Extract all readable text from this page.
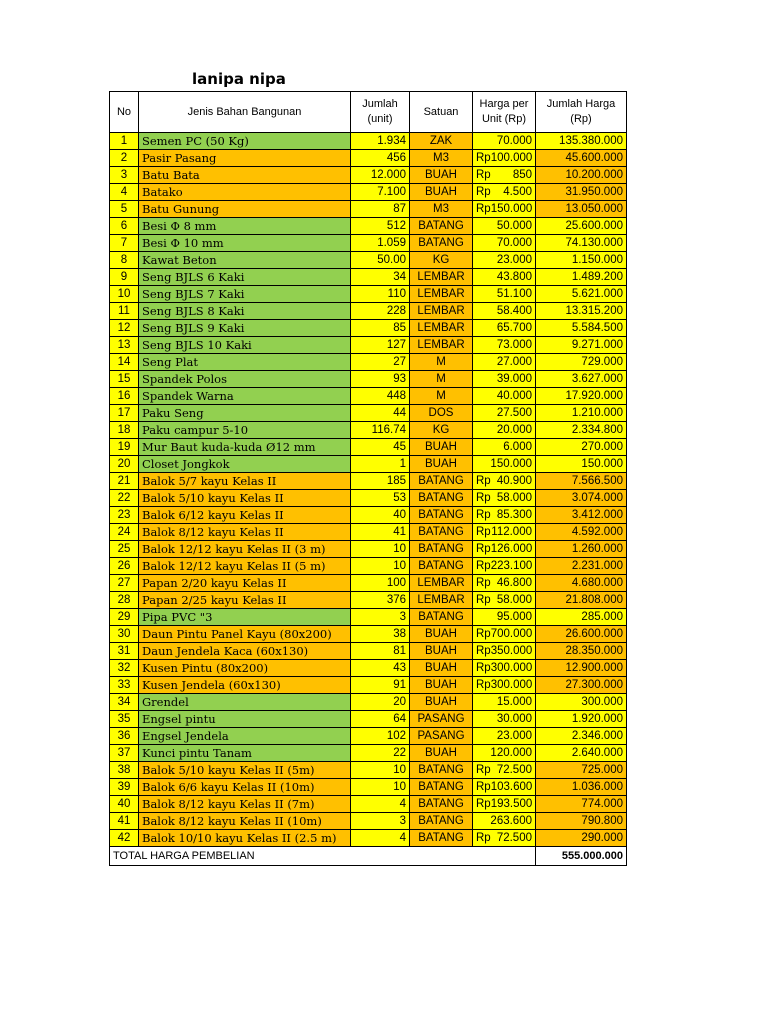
lanipa nipa
No	Jenis Bahan Bangunan	Jumlah (unit)	Satuan	Harga per Unit (Rp)	Jumlah Harga (Rp)
1	Semen PC (50 Kg)	1.934	ZAK	70.000	135.380.000
2	Pasir Pasang	456	M3	Rp 100.000	45.600.000
3	Batu Bata	12.000	BUAH	Rp 850	10.200.000
4	Batako	7.100	BUAH	Rp 4.500	31.950.000
5	Batu Gunung	87	M3	Rp 150.000	13.050.000
6	Besi Φ 8 mm	512	BATANG	50.000	25.600.000
7	Besi Φ 10 mm	1.059	BATANG	70.000	74.130.000
8	Kawat Beton	50.00	KG	23.000	1.150.000
9	Seng BJLS 6 Kaki	34	LEMBAR	43.800	1.489.200
10	Seng BJLS 7 Kaki	110	LEMBAR	51.100	5.621.000
11	Seng BJLS 8 Kaki	228	LEMBAR	58.400	13.315.200
12	Seng BJLS 9 Kaki	85	LEMBAR	65.700	5.584.500
13	Seng BJLS 10 Kaki	127	LEMBAR	73.000	9.271.000
14	Seng Plat	27	M	27.000	729.000
15	Spandek Polos	93	M	39.000	3.627.000
16	Spandek Warna	448	M	40.000	17.920.000
17	Paku Seng	44	DOS	27.500	1.210.000
18	Paku campur 5-10	116.74	KG	20.000	2.334.800
19	Mur Baut kuda-kuda Ø12 mm	45	BUAH	6.000	270.000
20	Closet Jongkok	1	BUAH	150.000	150.000
21	Balok 5/7 kayu Kelas II	185	BATANG	Rp 40.900	7.566.500
22	Balok 5/10 kayu Kelas II	53	BATANG	Rp 58.000	3.074.000
23	Balok 6/12 kayu Kelas II	40	BATANG	Rp 85.300	3.412.000
24	Balok 8/12 kayu Kelas II	41	BATANG	Rp 112.000	4.592.000
25	Balok 12/12 kayu Kelas II (3 m)	10	BATANG	Rp 126.000	1.260.000
26	Balok 12/12 kayu Kelas II (5 m)	10	BATANG	Rp 223.100	2.231.000
27	Papan 2/20 kayu Kelas II	100	LEMBAR	Rp 46.800	4.680.000
28	Papan 2/25 kayu Kelas II	376	LEMBAR	Rp 58.000	21.808.000
29	Pipa PVC "3	3	BATANG	95.000	285.000
30	Daun Pintu Panel Kayu (80x200)	38	BUAH	Rp 700.000	26.600.000
31	Daun Jendela Kaca (60x130)	81	BUAH	Rp 350.000	28.350.000
32	Kusen Pintu (80x200)	43	BUAH	Rp 300.000	12.900.000
33	Kusen Jendela (60x130)	91	BUAH	Rp 300.000	27.300.000
34	Grendel	20	BUAH	15.000	300.000
35	Engsel pintu	64	PASANG	30.000	1.920.000
36	Engsel Jendela	102	PASANG	23.000	2.346.000
37	Kunci pintu Tanam	22	BUAH	120.000	2.640.000
38	Balok 5/10 kayu Kelas II (5m)	10	BATANG	Rp 72.500	725.000
39	Balok 6/6 kayu Kelas II (10m)	10	BATANG	Rp 103.600	1.036.000
40	Balok 8/12 kayu Kelas II (7m)	4	BATANG	Rp 193.500	774.000
41	Balok 8/12 kayu Kelas II (10m)	3	BATANG	263.600	790.800
42	Balok 10/10 kayu Kelas II (2.5 m)	4	BATANG	Rp 72.500	290.000
TOTAL HARGA PEMBELIAN					555.000.000
